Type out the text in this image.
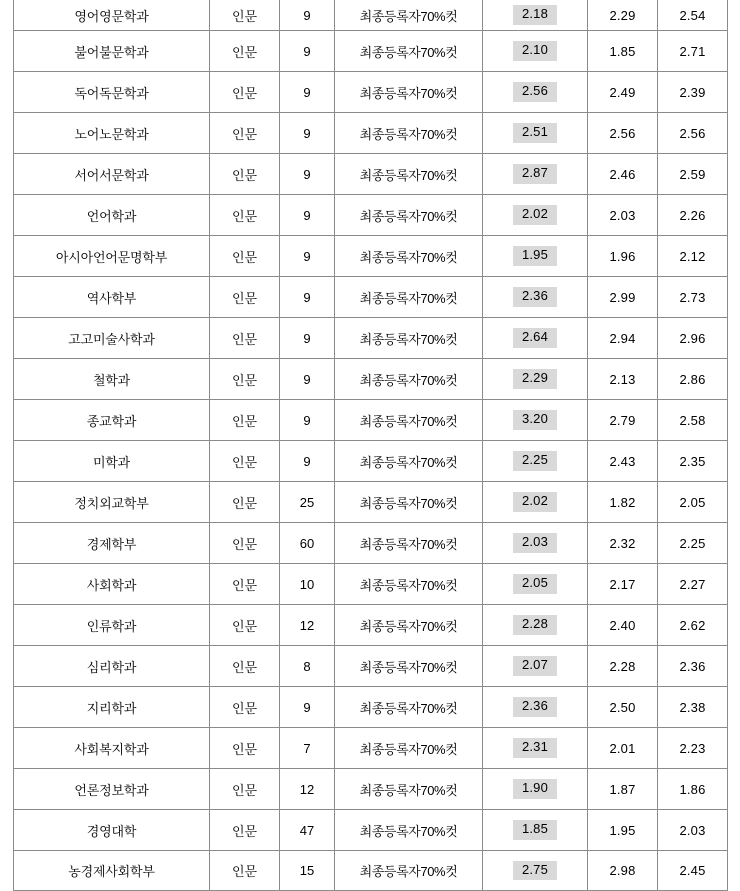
영어영문학과	인문	9	최종등록자70%컷	2.18	2.29	2.54
불어불문학과	인문	9	최종등록자70%컷	2.10	1.85	2.71
독어독문학과	인문	9	최종등록자70%컷	2.56	2.49	2.39
노어노문학과	인문	9	최종등록자70%컷	2.51	2.56	2.56
서어서문학과	인문	9	최종등록자70%컷	2.87	2.46	2.59
언어학과	인문	9	최종등록자70%컷	2.02	2.03	2.26
아시아언어문명학부	인문	9	최종등록자70%컷	1.95	1.96	2.12
역사학부	인문	9	최종등록자70%컷	2.36	2.99	2.73
고고미술사학과	인문	9	최종등록자70%컷	2.64	2.94	2.96
철학과	인문	9	최종등록자70%컷	2.29	2.13	2.86
종교학과	인문	9	최종등록자70%컷	3.20	2.79	2.58
미학과	인문	9	최종등록자70%컷	2.25	2.43	2.35
정치외교학부	인문	25	최종등록자70%컷	2.02	1.82	2.05
경제학부	인문	60	최종등록자70%컷	2.03	2.32	2.25
사회학과	인문	10	최종등록자70%컷	2.05	2.17	2.27
인류학과	인문	12	최종등록자70%컷	2.28	2.40	2.62
심리학과	인문	8	최종등록자70%컷	2.07	2.28	2.36
지리학과	인문	9	최종등록자70%컷	2.36	2.50	2.38
사회복지학과	인문	7	최종등록자70%컷	2.31	2.01	2.23
언론정보학과	인문	12	최종등록자70%컷	1.90	1.87	1.86
경영대학	인문	47	최종등록자70%컷	1.85	1.95	2.03
농경제사회학부	인문	15	최종등록자70%컷	2.75	2.98	2.45
